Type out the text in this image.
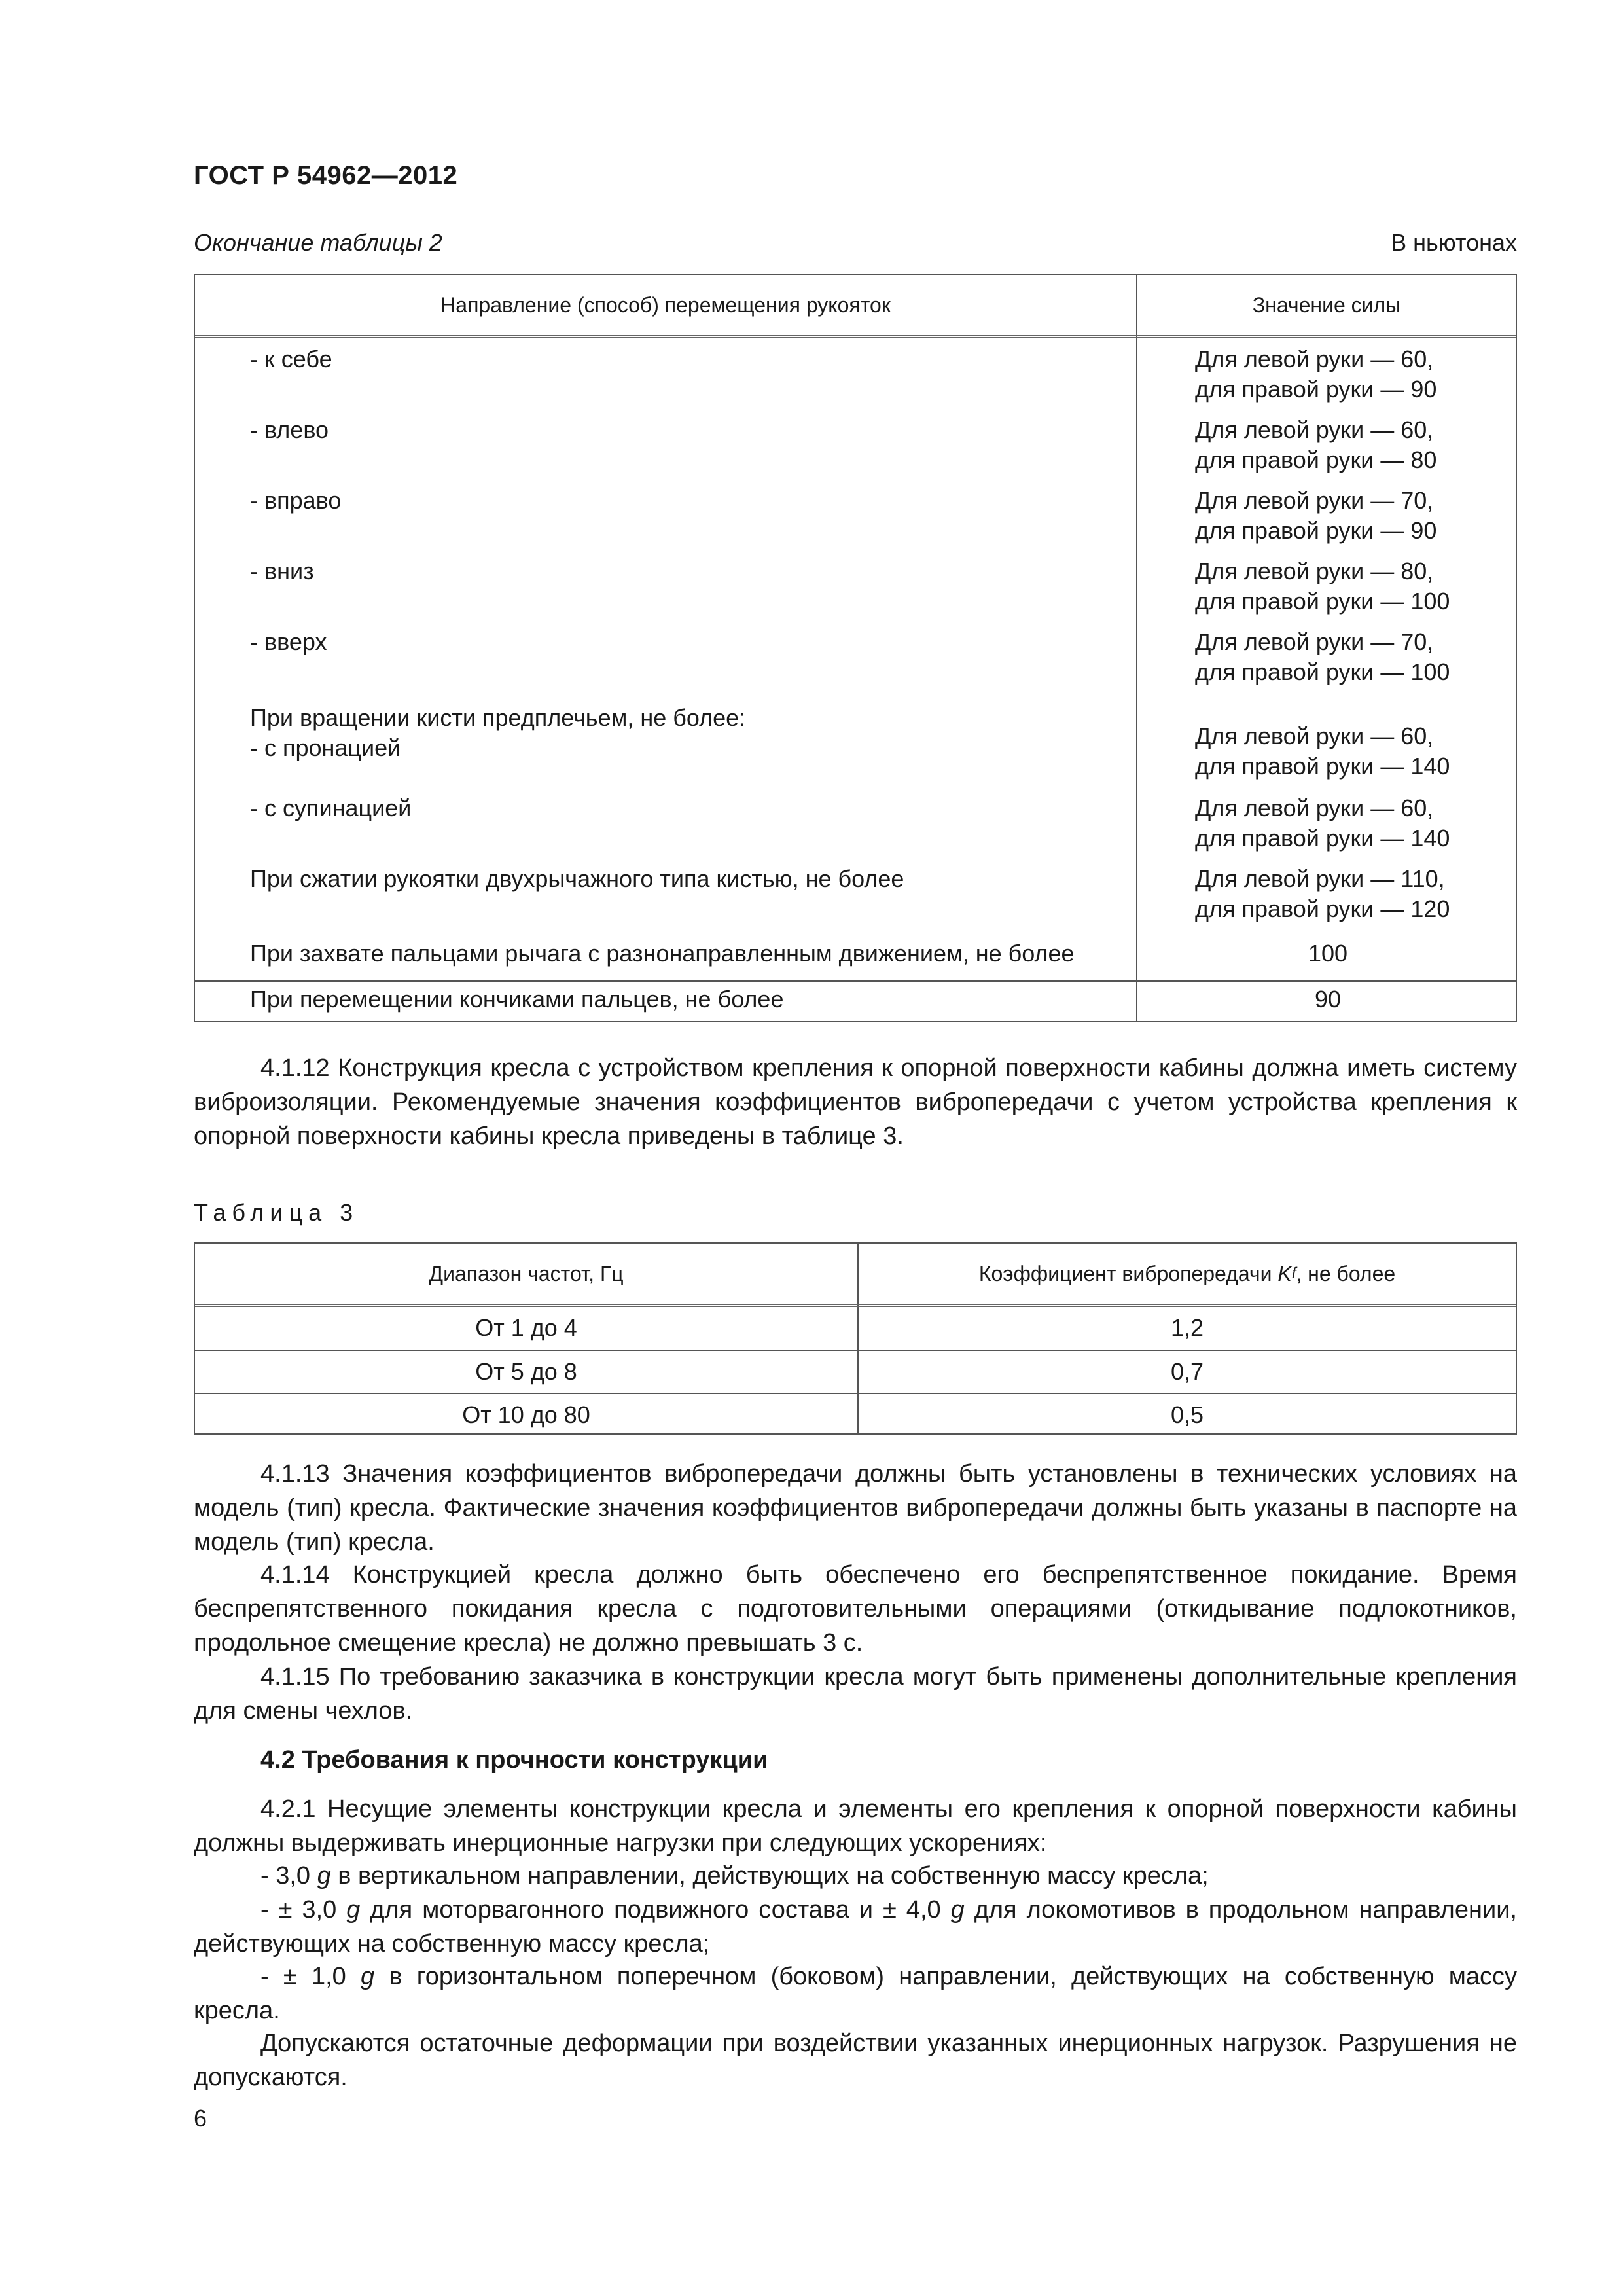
ГОСТ Р 54962—2012
Окончание таблицы 2	В ньютонах
Направление (способ) перемещения рукояток	Значение силы
- к себе	Для левой руки — 60,
для правой руки — 90
- влево	Для левой руки — 60,
для правой руки — 80
- вправо	Для левой руки — 70,
для правой руки — 90
- вниз	Для левой руки — 80,
для правой руки — 100
- вверх	Для левой руки — 70,
для правой руки — 100
При вращении кисти предплечьем, не более:
- с пронацией	Для левой руки — 60,
для правой руки — 140
- с супинацией	Для левой руки — 60,
для правой руки — 140
При сжатии рукоятки двухрычажного типа кистью, не более	Для левой руки — 110,
для правой руки — 120
При захвате пальцами рычага с разнонаправленным движением, не более	100
При перемещении кончиками пальцев, не более	90
4.1.12 Конструкция кресла с устройством крепления к опорной поверхности кабины должна иметь систему виброизоляции. Рекомендуемые значения коэффициентов вибропередачи с учетом устройства крепления к опорной поверхности кабины кресла приведены в таблице 3.
Таблица 3
Диапазон частот, Гц	Коэффициент вибропередачи
K f , не более
От 1 до 4	1,2
От 5 до 8	0,7
От 10 до 80	0,5
4.1.13 Значения коэффициентов вибропередачи должны быть установлены в технических условиях на модель (тип) кресла. Фактические значения коэффициентов вибропередачи должны быть указаны в паспорте на модель (тип) кресла.
4.1.14 Конструкцией кресла должно быть обеспечено его беспрепятственное покидание. Время беспрепятственного покидания кресла с подготовительными операциями (откидывание подлокотников, продольное смещение кресла) не должно превышать 3 с.
4.1.15 По требованию заказчика в конструкции кресла могут быть применены дополнительные крепления для смены чехлов.
4.2 Требования к прочности конструкции
4.2.1 Несущие элементы конструкции кресла и элементы его крепления к опорной поверхности кабины должны выдерживать инерционные нагрузки при следующих ускорениях:
- 3,0 g в вертикальном направлении, действующих на собственную массу кресла;
- ± 3,0 g для моторвагонного подвижного состава и ± 4,0 g для локомотивов в продольном направлении, действующих на собственную массу кресла;
- ± 1,0 g в горизонтальном поперечном (боковом) направлении, действующих на собственную массу кресла.
Допускаются остаточные деформации при воздействии указанных инерционных нагрузок. Разрушения не допускаются.
6
